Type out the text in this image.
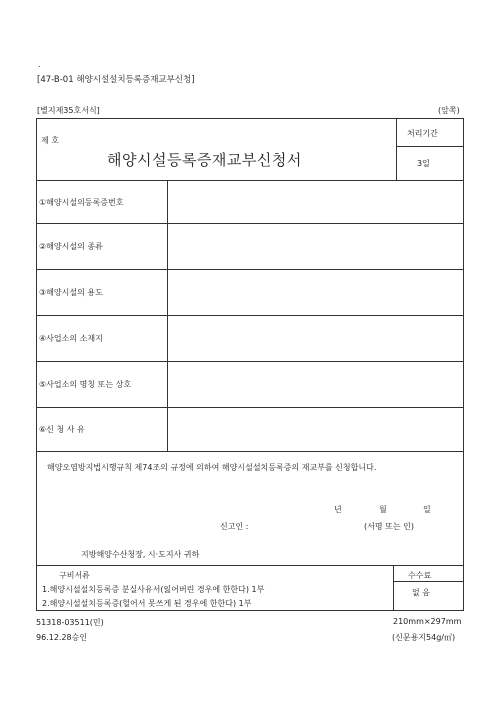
.
[47-B-01 해양시설설치등록증재교부신청]
[별지제35호서식]	(앞쪽)
제 호
해양시설등록증재교부신청서
처리기간
3일
①해양시설의등록증번호
②해양시설의 종류
③해양시설의 용도
④사업소의 소재지
⑤사업소의 명칭 또는 상호
⑥신 청 사 유
해양오염방지법시행규칙 제74조의 규정에 의하여 해양시설설치등록증의 재교부를 신청합니다.
년	월	일
신고인 :	(서명 또는 인)
지방해양수산청장, 시·도지사 귀하
구비서류
1.해양시설설치등록증 분실사유서(잃어버린 경우에 한한다) 1부
2.해양시설설치등록증(헐어서 못쓰게 된 경우에 한한다) 1부
수수료
없 음
51318-03511(민)
96.12.28승인
210mm×297mm
(신문용지54g/㎡)
